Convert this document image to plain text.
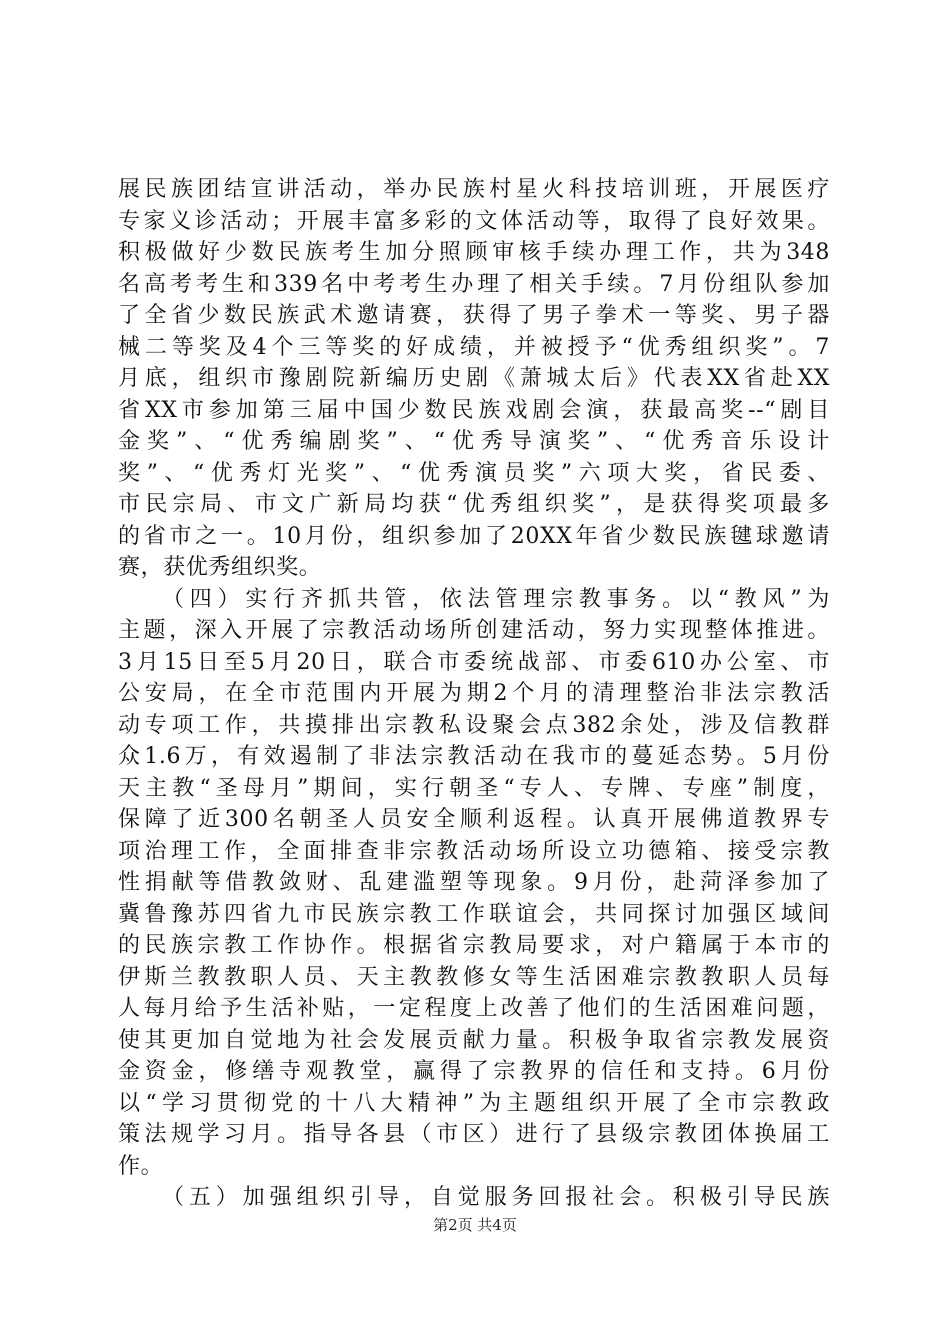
展民族团结宣讲活动，举办民族村星火科技培训班，开展医疗
专家义诊活动；开展丰富多彩的文体活动等，取得了良好效果。
积极做好少数民族考生加分照顾审核手续办理工作，共为348
名高考考生和339名中考考生办理了相关手续。7月份组队参加
了全省少数民族武术邀请赛，获得了男子拳术一等奖、男子器
械二等奖及4个三等奖的好成绩，并被授予“优秀组织奖”。7
月底，组织市豫剧院新编历史剧《萧城太后》代表XX省赴XX
省XX市参加第三届中国少数民族戏剧会演，获最高奖--“剧目
金奖”、“优秀编剧奖”、“优秀导演奖”、“优秀音乐设计
奖”、“优秀灯光奖”、“优秀演员奖”六项大奖，省民委、
市民宗局、市文广新局均获“优秀组织奖”，是获得奖项最多
的省市之一。10月份，组织参加了20XX年省少数民族毽球邀请
赛，获优秀组织奖。
（四）实行齐抓共管，依法管理宗教事务。以“教风”为
主题，深入开展了宗教活动场所创建活动，努力实现整体推进。
3月15日至5月20日，联合市委统战部、市委610办公室、市
公安局，在全市范围内开展为期2个月的清理整治非法宗教活
动专项工作，共摸排出宗教私设聚会点382余处，涉及信教群
众1.6万，有效遏制了非法宗教活动在我市的蔓延态势。5月份
天主教“圣母月”期间，实行朝圣“专人、专牌、专座”制度，
保障了近300名朝圣人员安全顺利返程。认真开展佛道教界专
项治理工作，全面排查非宗教活动场所设立功德箱、接受宗教
性捐献等借教敛财、乱建滥塑等现象。9月份，赴菏泽参加了
冀鲁豫苏四省九市民族宗教工作联谊会，共同探讨加强区域间
的民族宗教工作协作。根据省宗教局要求，对户籍属于本市的
伊斯兰教教职人员、天主教教修女等生活困难宗教教职人员每
人每月给予生活补贴，一定程度上改善了他们的生活困难问题，
使其更加自觉地为社会发展贡献力量。积极争取省宗教发展资
金资金，修缮寺观教堂，赢得了宗教界的信任和支持。6月份
以“学习贯彻党的十八大精神”为主题组织开展了全市宗教政
策法规学习月。指导各县（市区）进行了县级宗教团体换届工
作。
（五）加强组织引导，自觉服务回报社会。积极引导民族
第2页 共4页
